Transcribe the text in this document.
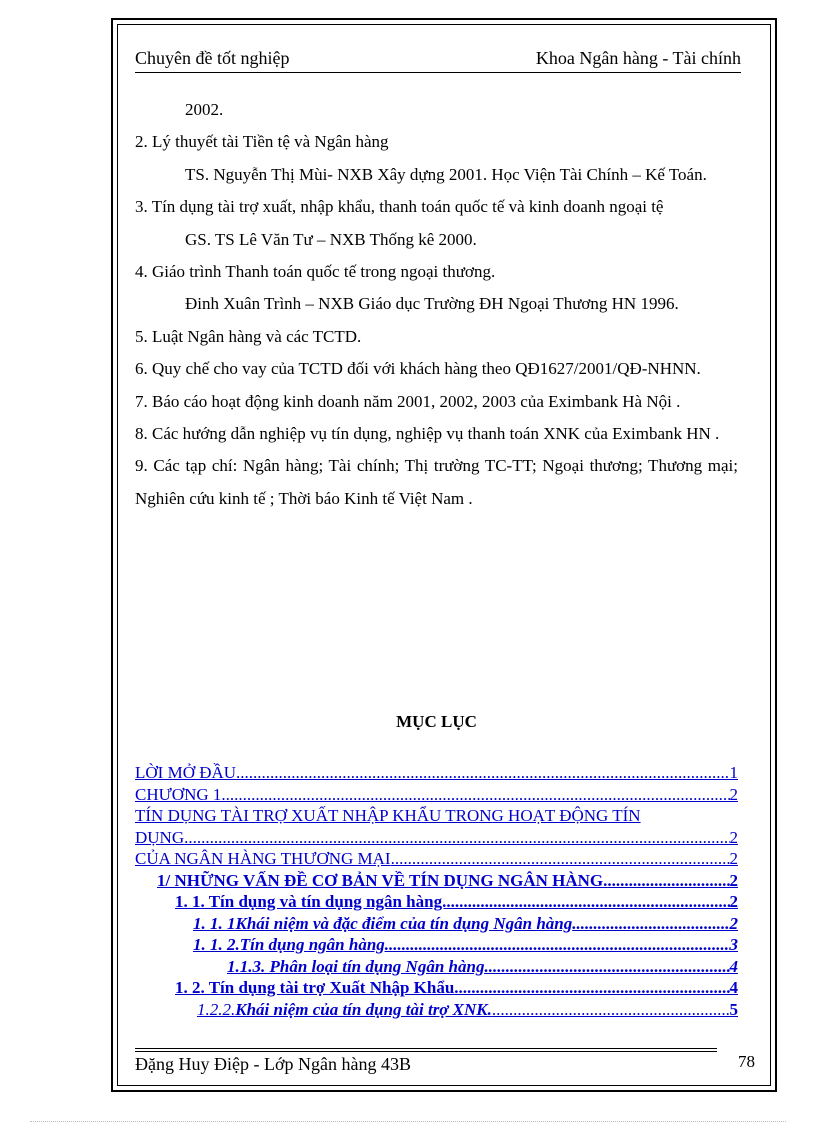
Chuyên đề tốt nghiệp	Khoa Ngân hàng - Tài chính

2002.

2. Lý thuyết tài Tiền tệ và Ngân hàng

TS. Nguyễn Thị Mùi- NXB Xây dựng 2001. Học Viện Tài Chính – Kế Toán.

3. Tín dụng tài trợ xuất, nhập khẩu, thanh toán quốc tế và kinh doanh ngoại tệ

GS. TS Lê Văn Tư – NXB Thống kê 2000.

4. Giáo trình Thanh toán quốc tế trong ngoại thương.

Đinh Xuân Trình – NXB Giáo dục Trường ĐH Ngoại Thương HN 1996.

5. Luật Ngân hàng và các TCTD.

6. Quy chế cho vay của TCTD đối với khách hàng theo QĐ1627/2001/QĐ-NHNN.

7. Báo cáo hoạt động kinh doanh năm 2001, 2002, 2003 của Eximbank Hà Nội .

8. Các hướng dẫn nghiệp vụ tín dụng, nghiệp vụ thanh toán XNK của Eximbank HN .

9. Các tạp chí: Ngân hàng; Tài chính; Thị trường TC-TT; Ngoại thương; Thương mại; Nghiên cứu kinh tế ; Thời báo Kinh tế Việt Nam .

MỤC LỤC
LỜI MỞ ĐẦU .....	1
CHƯƠNG 1 .....	2
TÍN DỤNG TÀI TRỢ XUẤT NHẬP KHẨU TRONG HOẠT ĐỘNG TÍN
DỤNG .....	2
CỦA NGÂN HÀNG THƯƠNG MẠI .....	2
1/ NHỮNG VẤN ĐỀ CƠ BẢN VỀ TÍN DỤNG NGÂN HÀNG. .....	2
1. 1. Tín dụng và tín dụng ngân hàng. .....	2
1. 1. 1Khái niệm và đặc điểm của tín dụng Ngân hàng .....	2
1. 1. 2.Tín dụng ngân hàng. .....	3
1.1.3. Phân loại tín dụng Ngân hàng .....	4
1. 2. Tín dụng tài trợ Xuất Nhập Khẩu .....	4
1.2.2. Khái niệm của tín dụng tài trợ XNK. .....	5
Đặng Huy Điệp - Lớp Ngân hàng 43B	78
